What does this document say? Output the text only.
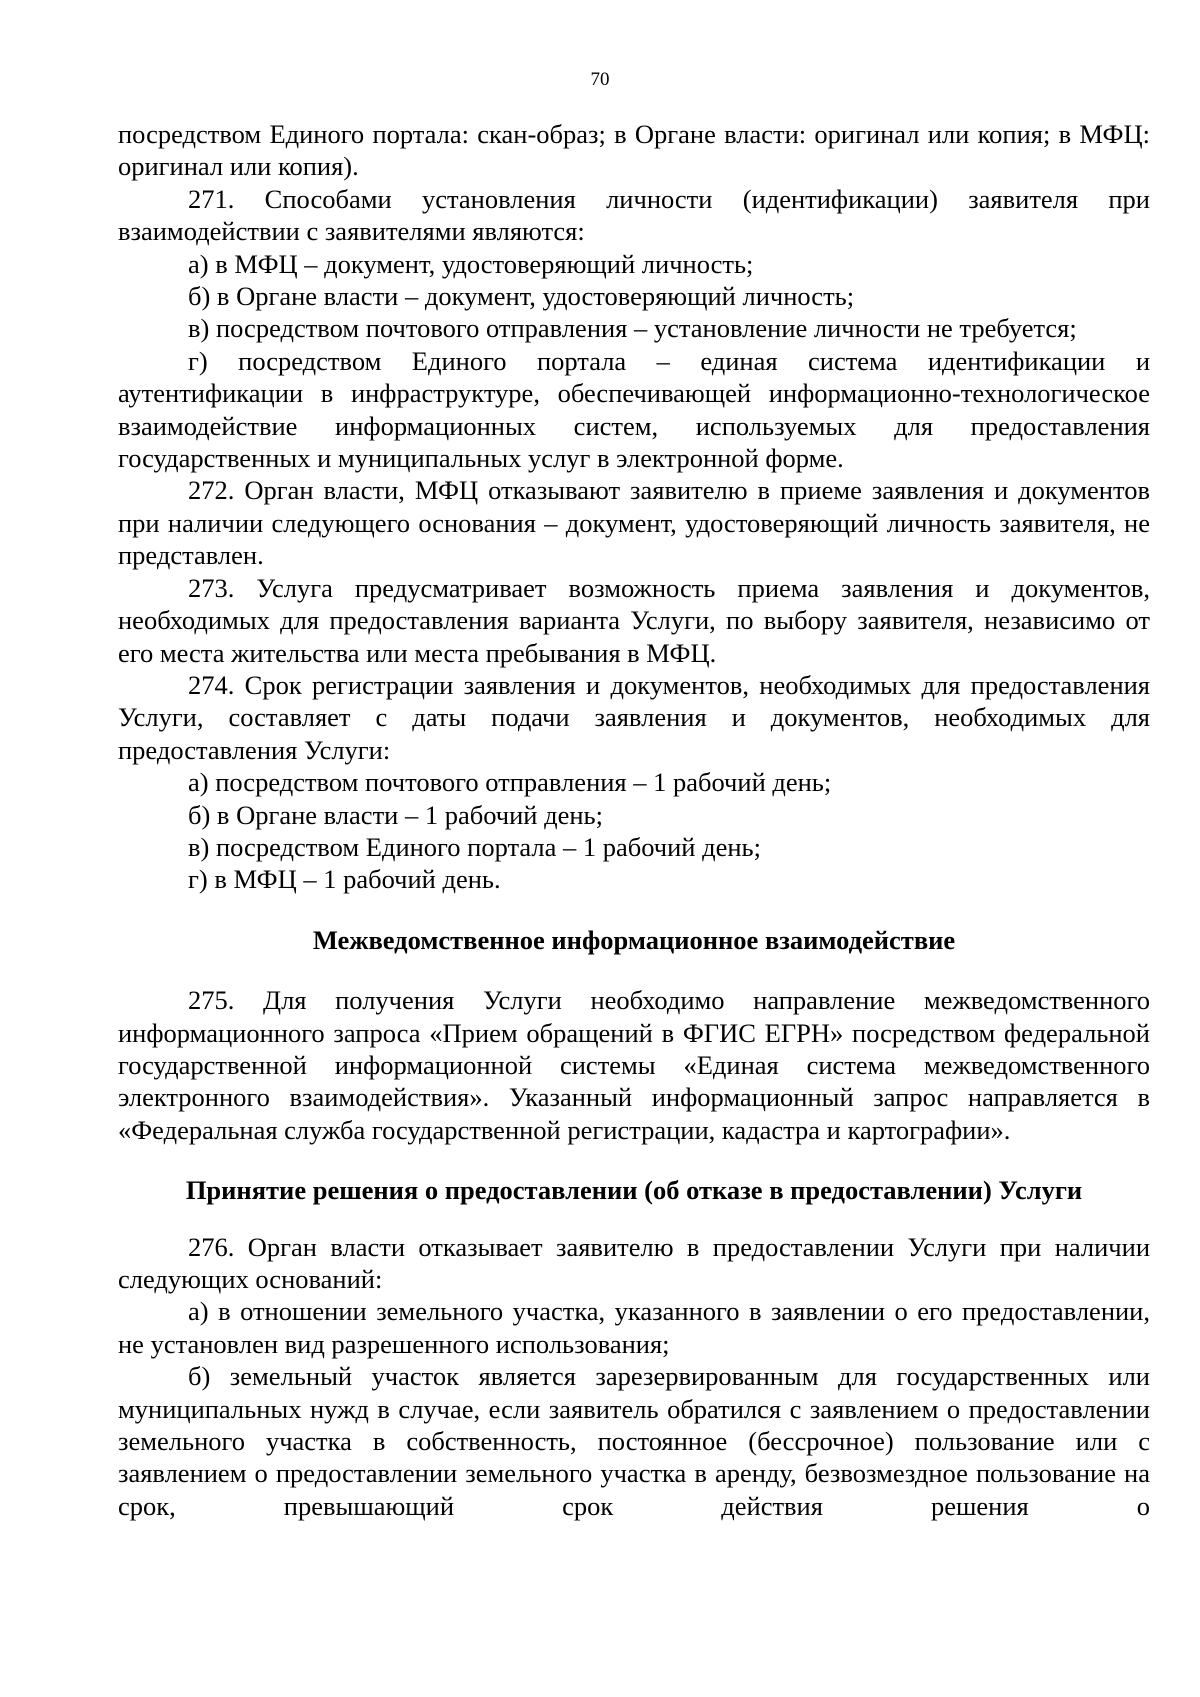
70

посредством Единого портала: скан-образ; в Органе власти: оригинал или копия; в МФЦ: оригинал или копия).

271. Способами установления личности (идентификации) заявителя при взаимодействии с заявителями являются:

а) в МФЦ – документ, удостоверяющий личность;

б) в Органе власти – документ, удостоверяющий личность;

в) посредством почтового отправления – установление личности не требуется;

г) посредством Единого портала – единая система идентификации и аутентификации в инфраструктуре, обеспечивающей информационно-технологическое взаимодействие информационных систем, используемых для предоставления государственных и муниципальных услуг в электронной форме.

272. Орган власти, МФЦ отказывают заявителю в приеме заявления и документов при наличии следующего основания – документ, удостоверяющий личность заявителя, не представлен.

273. Услуга предусматривает возможность приема заявления и документов, необходимых для предоставления варианта Услуги, по выбору заявителя, независимо от его места жительства или места пребывания в МФЦ.

274. Срок регистрации заявления и документов, необходимых для предоставления Услуги, составляет с даты подачи заявления и документов, необходимых для предоставления Услуги:

а) посредством почтового отправления – 1 рабочий день;

б) в Органе власти – 1 рабочий день;

в) посредством Единого портала – 1 рабочий день;

г) в МФЦ – 1 рабочий день.

Межведомственное информационное взаимодействие

275. Для получения Услуги необходимо направление межведомственного информационного запроса «Прием обращений в ФГИС ЕГРН» посредством федеральной государственной информационной системы «Единая система межведомственного электронного взаимодействия». Указанный информационный запрос направляется в «Федеральная служба государственной регистрации, кадастра и картографии».

Принятие решения о предоставлении (об отказе в предоставлении) Услуги

276. Орган власти отказывает заявителю в предоставлении Услуги при наличии следующих оснований:

а) в отношении земельного участка, указанного в заявлении о его предоставлении, не установлен вид разрешенного использования;

б) земельный участок является зарезервированным для государственных или муниципальных нужд в случае, если заявитель обратился с заявлением о предоставлении земельного участка в собственность, постоянное (бессрочное) пользование или с заявлением о предоставлении земельного участка в аренду, безвозмездное пользование на срок, превышающий срок действия решения о
